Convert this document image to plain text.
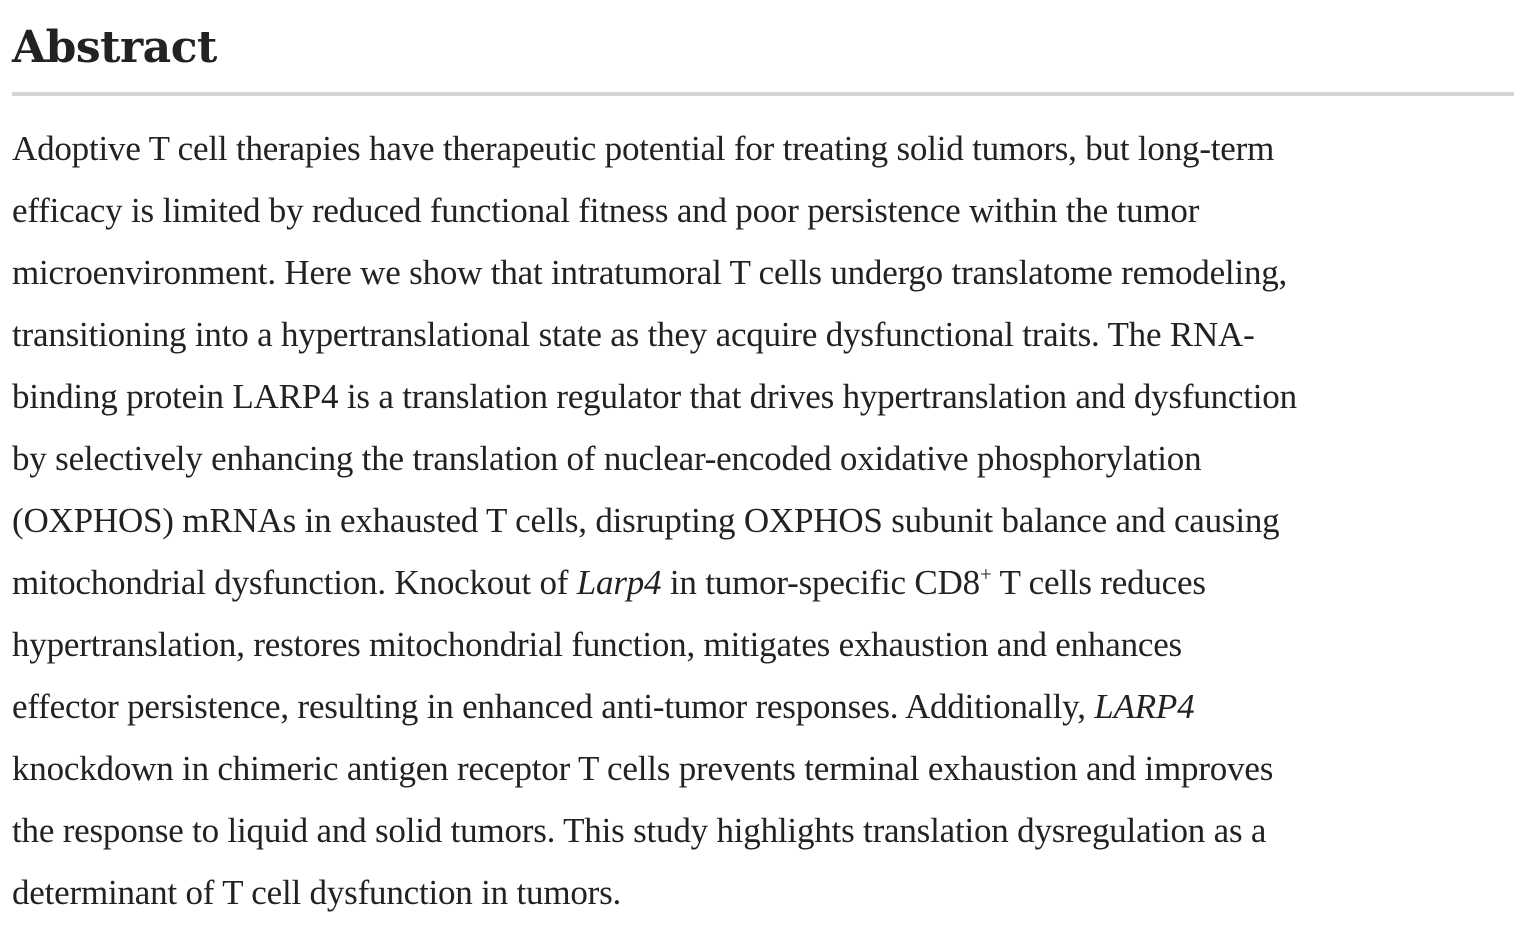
Abstract

Adoptive T cell therapies have therapeutic potential for treating solid tumors, but long-term
efficacy is limited by reduced functional fitness and poor persistence within the tumor
microenvironment. Here we show that intratumoral T cells undergo translatome remodeling,
transitioning into a hypertranslational state as they acquire dysfunctional traits. The RNA-
binding protein LARP4 is a translation regulator that drives hypertranslation and dysfunction
by selectively enhancing the translation of nuclear-encoded oxidative phosphorylation
(OXPHOS) mRNAs in exhausted T cells, disrupting OXPHOS subunit balance and causing
mitochondrial dysfunction. Knockout of Larp4 in tumor-specific CD8+ T cells reduces
hypertranslation, restores mitochondrial function, mitigates exhaustion and enhances
effector persistence, resulting in enhanced anti-tumor responses. Additionally, LARP4
knockdown in chimeric antigen receptor T cells prevents terminal exhaustion and improves
the response to liquid and solid tumors. This study highlights translation dysregulation as a
determinant of T cell dysfunction in tumors.
